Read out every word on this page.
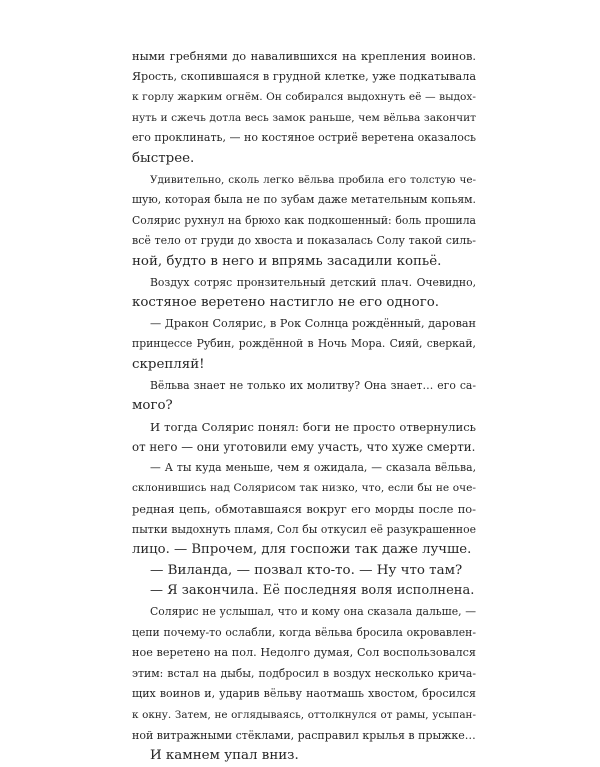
ными гребнями до навалившихся на крепления воинов.
Ярость, скопившаяся в грудной клетке, уже подкатывала
к горлу жарким огнём. Он собирался выдохнуть её — выдох-
нуть и сжечь дотла весь замок раньше, чем вёльва закончит
его проклинать, — но костяное остриё веретена оказалось
быстрее.
Удивительно, сколь легко вёльва пробила его толстую че-
шую, которая была не по зубам даже метательным копьям.
Солярис рухнул на брюхо как подкошенный: боль прошила
всё тело от груди до хвоста и показалась Солу такой силь-
ной, будто в него и впрямь засадили копьё.
Воздух сотряс пронзительный детский плач. Очевидно,
костяное веретено настигло не его одного.
— Дракон Солярис, в Рок Солнца рождённый, дарован
принцессе Рубин, рождённой в Ночь Мора. Сияй, сверкай,
скрепляй!
Вёльва знает не только их молитву? Она знает… его са-
мого?
И тогда Солярис понял: боги не просто отвернулись
от него — они уготовили ему участь, что хуже смерти.
— А ты куда меньше, чем я ожидала, — сказала вёльва,
склонившись над Солярисом так низко, что, если бы не оче-
редная цепь, обмотавшаяся вокруг его морды после по-
пытки выдохнуть пламя, Сол бы откусил её разукрашенное
лицо. — Впрочем, для госпожи так даже лучше.
— Виланда, — позвал кто-то. — Ну что там?
— Я закончила. Её последняя воля исполнена.
Солярис не услышал, что и кому она сказала дальше, —
цепи почему-то ослабли, когда вёльва бросила окровавлен-
ное веретено на пол. Недолго думая, Сол воспользовался
этим: встал на дыбы, подбросил в воздух несколько крича-
щих воинов и, ударив вёльву наотмашь хвостом, бросился
к окну. Затем, не оглядываясь, оттолкнулся от рамы, усыпан-
ной витражными стёклами, расправил крылья в прыжке…
И камнем упал вниз.
